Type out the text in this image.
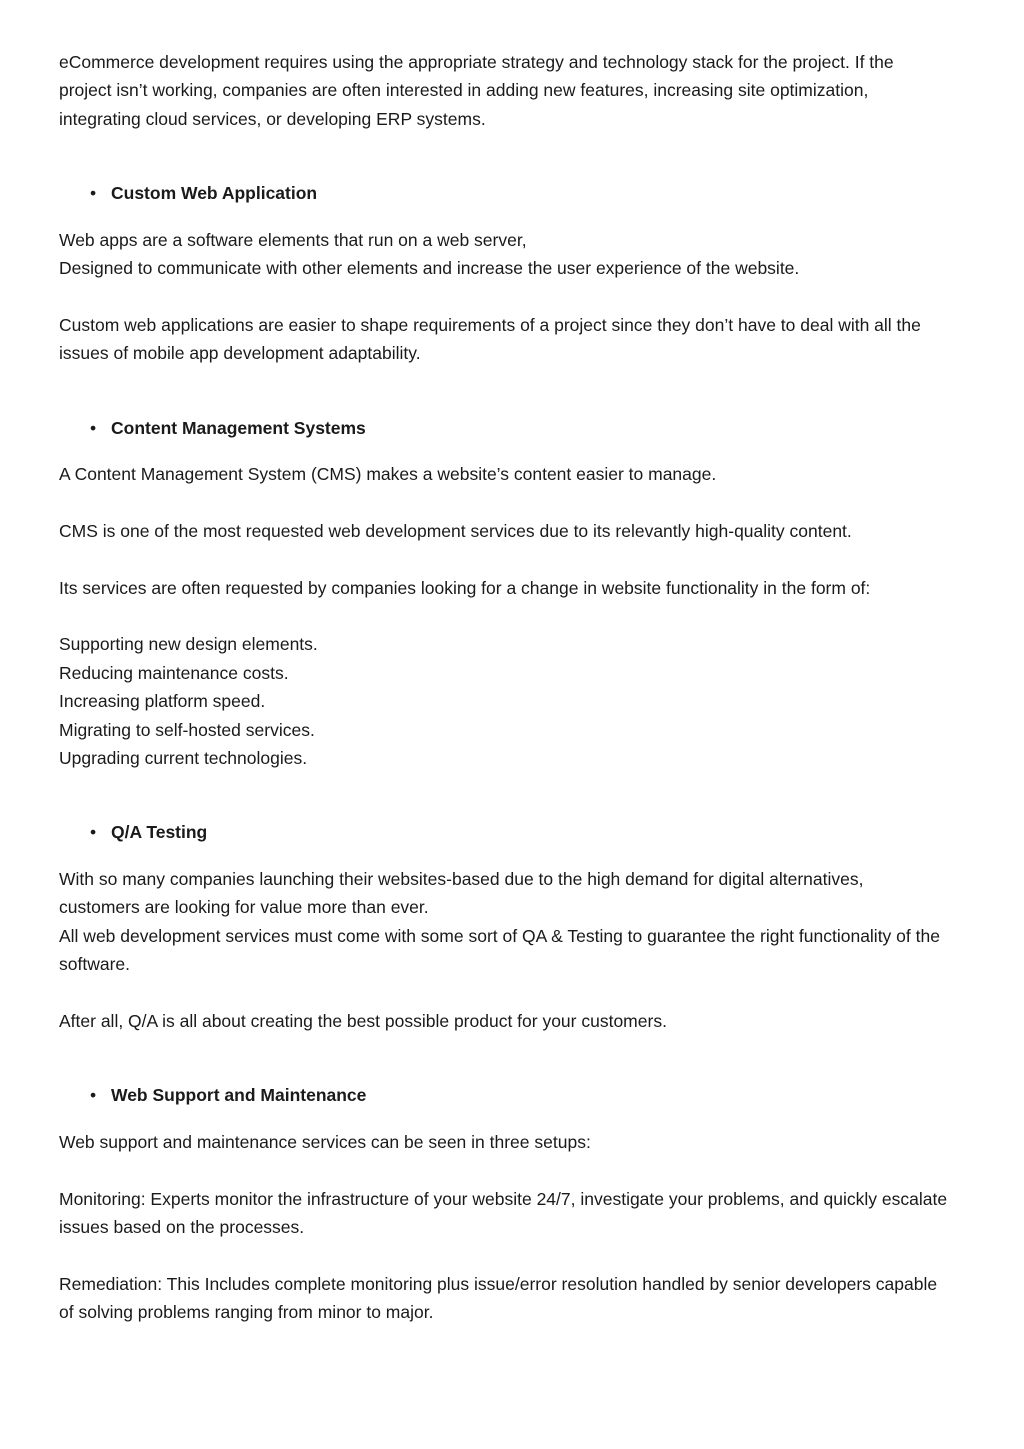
eCommerce development requires using the appropriate strategy and technology stack for the project. If the
project isn’t working, companies are often interested in adding new features, increasing site optimization,
integrating cloud services, or developing ERP systems.

• Custom Web Application

Web apps are a software elements that run on a web server,
Designed to communicate with other elements and increase the user experience of the website.

Custom web applications are easier to shape requirements of a project since they don’t have to deal with all the
issues of mobile app development adaptability.

• Content Management Systems

A Content Management System (CMS) makes a website’s content easier to manage.

CMS is one of the most requested web development services due to its relevantly high-quality content.

Its services are often requested by companies looking for a change in website functionality in the form of:

Supporting new design elements.
Reducing maintenance costs.
Increasing platform speed.
Migrating to self-hosted services.
Upgrading current technologies.

• Q/A Testing

With so many companies launching their websites-based due to the high demand for digital alternatives,
customers are looking for value more than ever.
All web development services must come with some sort of QA & Testing to guarantee the right functionality of the
software.

After all, Q/A is all about creating the best possible product for your customers.

• Web Support and Maintenance

Web support and maintenance services can be seen in three setups:

Monitoring: Experts monitor the infrastructure of your website 24/7, investigate your problems, and quickly escalate
issues based on the processes.

Remediation: This Includes complete monitoring plus issue/error resolution handled by senior developers capable
of solving problems ranging from minor to major.
